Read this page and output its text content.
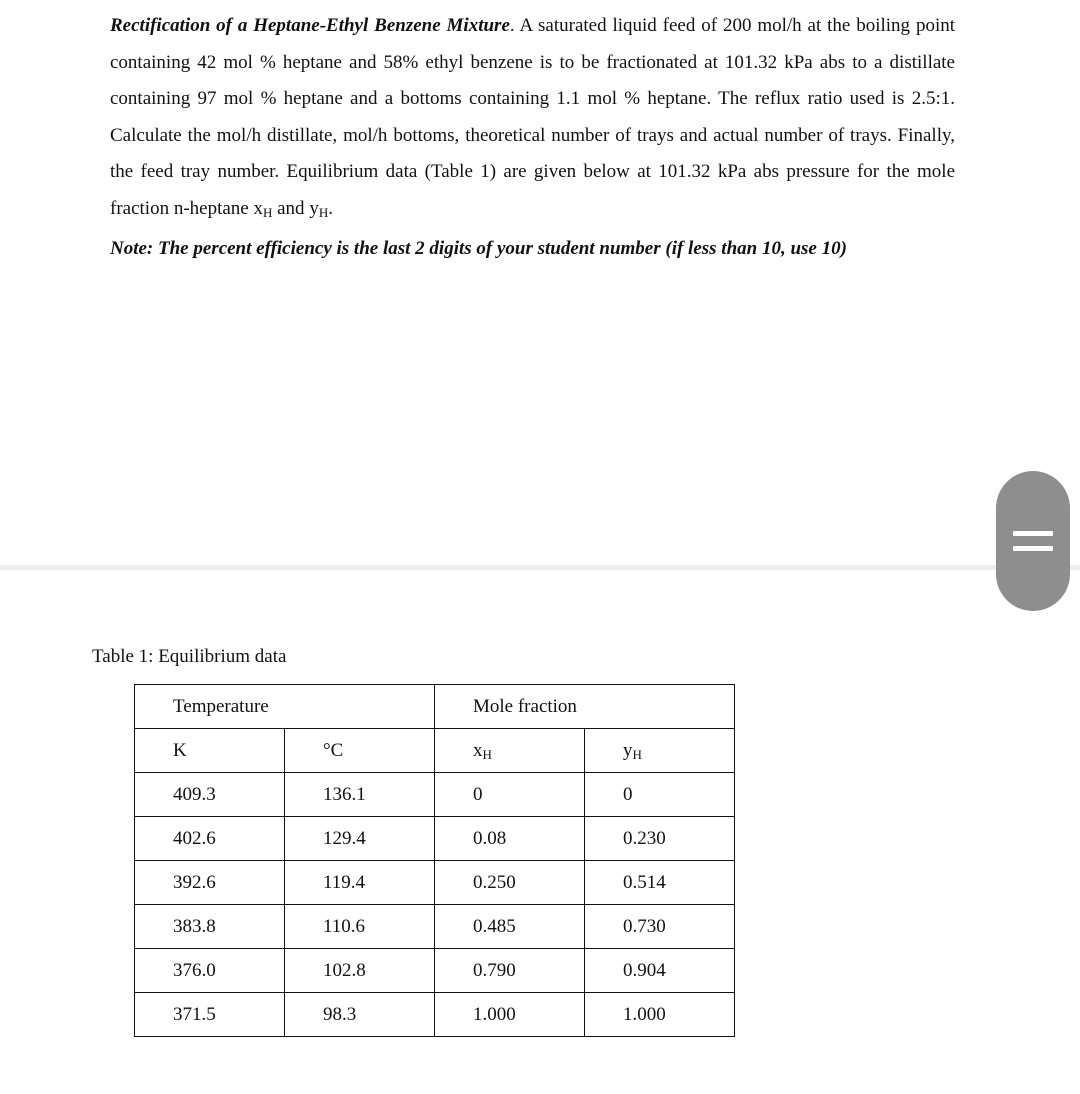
Rectification of a Heptane-Ethyl Benzene Mixture. A saturated liquid feed of 200 mol/h at the boiling point containing 42 mol % heptane and 58% ethyl benzene is to be fractionated at 101.32 kPa abs to a distillate containing 97 mol % heptane and a bottoms containing 1.1 mol % heptane. The reflux ratio used is 2.5:1. Calculate the mol/h distillate, mol/h bottoms, theoretical number of trays and actual number of trays. Finally, the feed tray number. Equilibrium data (Table 1) are given below at 101.32 kPa abs pressure for the mole fraction n-heptane $x_H$ and $y_H$.

Note: The percent efficiency is the last 2 digits of your student number (if less than 10, use 10)

Table 1: Equilibrium data

Temperature		Mole fraction	
K	°C	$x_H$	$y_H$
409.3	136.1	0	0
402.6	129.4	0.08	0.230
392.6	119.4	0.250	0.514
383.8	110.6	0.485	0.730
376.0	102.8	0.790	0.904
371.5	98.3	1.000	1.000
